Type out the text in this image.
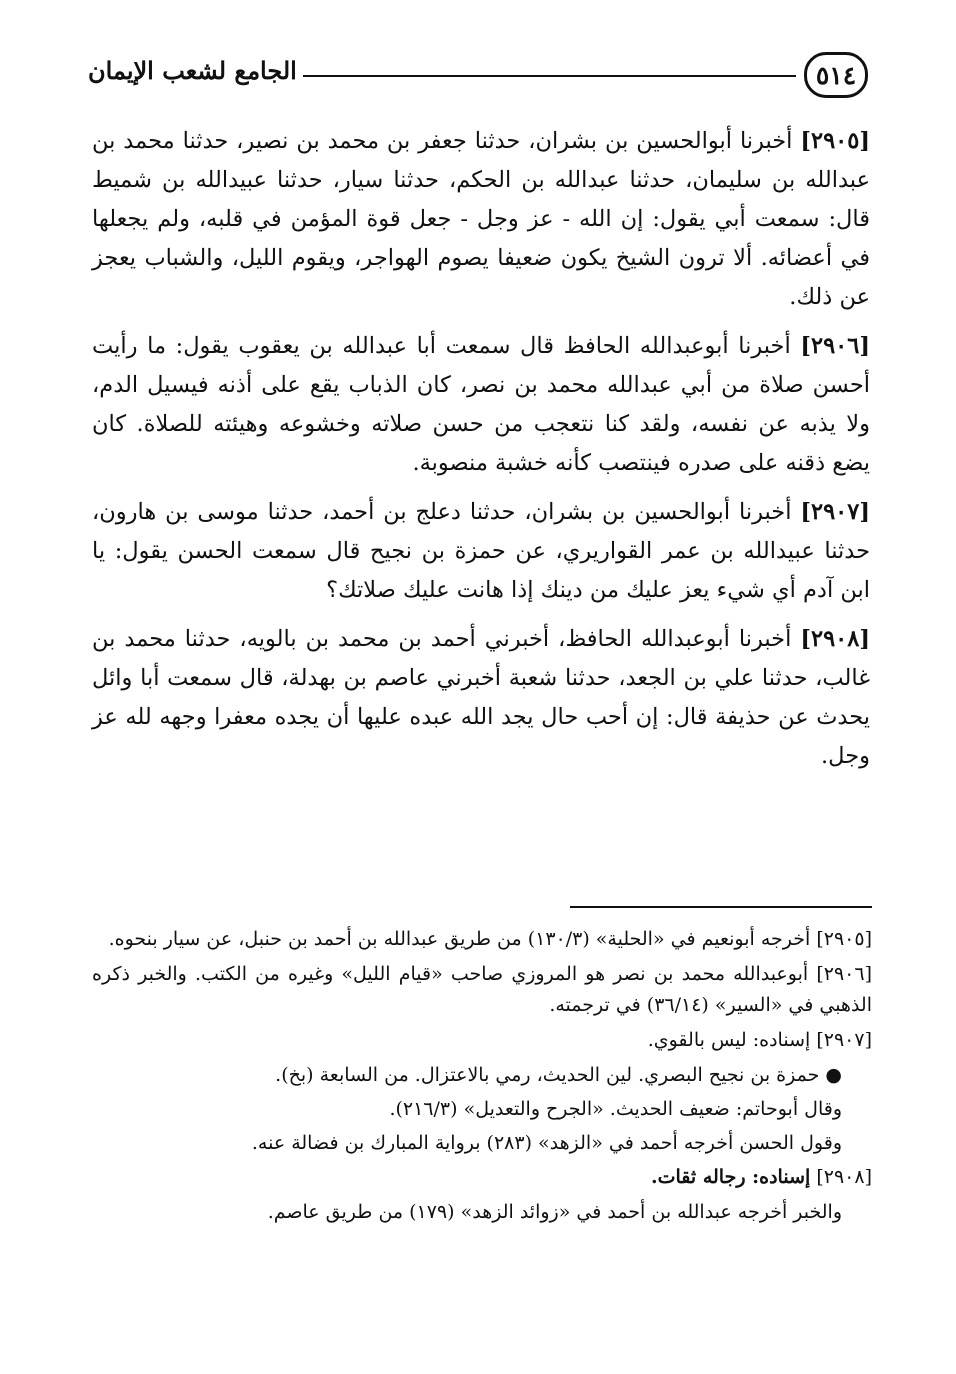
٥١٤
الجامع لشعب الإيمان

[٢٩٠٥] أخبرنا أبوالحسين بن بشران، حدثنا جعفر بن محمد بن نصير، حدثنا محمد بن عبدالله بن سليمان، حدثنا عبدالله بن الحكم، حدثنا سيار، حدثنا عبيدالله بن شميط قال: سمعت أبي يقول: إن الله - عز وجل - جعل قوة المؤمن في قلبه، ولم يجعلها في أعضائه. ألا ترون الشيخ يكون ضعيفا يصوم الهواجر، ويقوم الليل، والشباب يعجز عن ذلك.

[٢٩٠٦] أخبرنا أبوعبدالله الحافظ قال سمعت أبا عبدالله بن يعقوب يقول: ما رأيت أحسن صلاة من أبي عبدالله محمد بن نصر، كان الذباب يقع على أذنه فيسيل الدم، ولا يذبه عن نفسه، ولقد كنا نتعجب من حسن صلاته وخشوعه وهيئته للصلاة. كان يضع ذقنه على صدره فينتصب كأنه خشبة منصوبة.

[٢٩٠٧] أخبرنا أبوالحسين بن بشران، حدثنا دعلج بن أحمد، حدثنا موسى بن هارون، حدثنا عبيدالله بن عمر القواريري، عن حمزة بن نجيح قال سمعت الحسن يقول: يا ابن آدم أي شيء يعز عليك من دينك إذا هانت عليك صلاتك؟

[٢٩٠٨] أخبرنا أبوعبدالله الحافظ، أخبرني أحمد بن محمد بن بالويه، حدثنا محمد بن غالب، حدثنا علي بن الجعد، حدثنا شعبة أخبرني عاصم بن بهدلة، قال سمعت أبا وائل يحدث عن حذيفة قال: إن أحب حال يجد الله عبده عليها أن يجده معفرا وجهه لله عز وجل.

[٢٩٠٥] أخرجه أبونعيم في «الحلية» (١٣٠/٣) من طريق عبدالله بن أحمد بن حنبل، عن سيار بنحوه.

[٢٩٠٦] أبوعبدالله محمد بن نصر هو المروزي صاحب «قيام الليل» وغيره من الكتب. والخبر ذكره الذهبي في «السير» (٣٦/١٤) في ترجمته.

[٢٩٠٧] إسناده: ليس بالقوي.

● حمزة بن نجيح البصري. لين الحديث، رمي بالاعتزال. من السابعة (بخ).

وقال أبوحاتم: ضعيف الحديث. «الجرح والتعديل» (٢١٦/٣).

وقول الحسن أخرجه أحمد في «الزهد» (٢٨٣) برواية المبارك بن فضالة عنه.

[٢٩٠٨] إسناده: رجاله ثقات.

والخبر أخرجه عبدالله بن أحمد في «زوائد الزهد» (١٧٩) من طريق عاصم.
